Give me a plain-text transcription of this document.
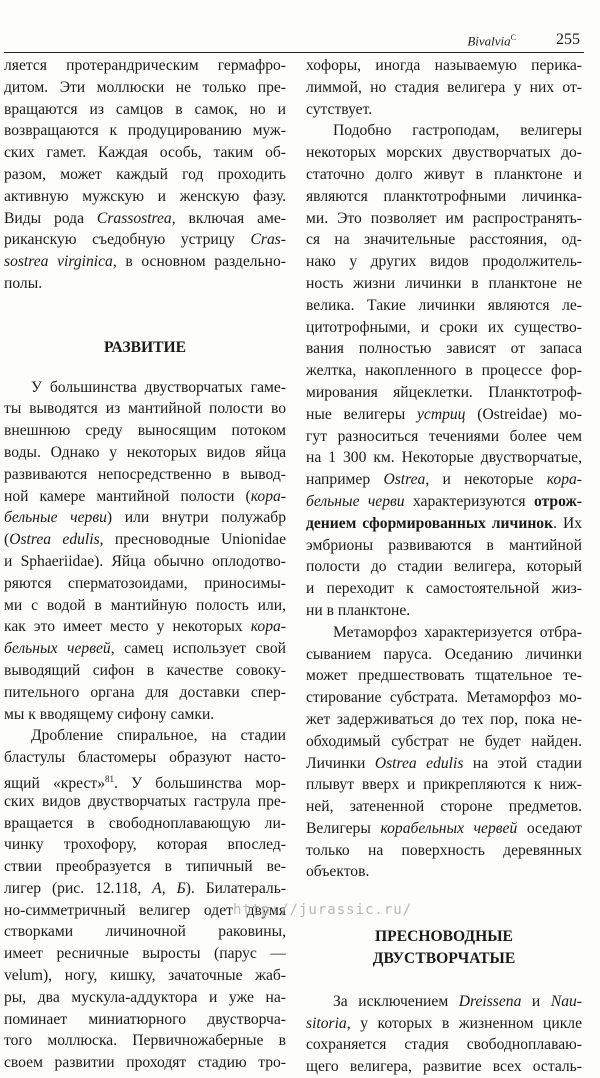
Bivalvia$^C$	255
ляется протерандрическим гермафро-
дитом. Эти моллюски не только пре-
вращаются из самцов в самок, но и
возвращаются к продуцированию муж-
ских гамет. Каждая особь, таким об-
разом, может каждый год проходить
активную мужскую и женскую фазу.
Виды рода Crassostrea, включая аме-
риканскую съедобную устрицу Cras-
sostrea virginica, в основном раздельно-
полы.
РАЗВИТИЕ
У большинства двустворчатых гаме-
ты выводятся из мантийной полости во
внешнюю среду выносящим потоком
воды. Однако у некоторых видов яйца
развиваются непосредственно в вывод-
ной камере мантийной полости (кора-
бельные черви) или внутри полужабр
(Ostrea edulis, пресноводные Unionidae
и Sphaeriidae). Яйца обычно оплодотво-
ряются сперматозоидами, приносимы-
ми с водой в мантийную полость или,
как это имеет место у некоторых кора-
бельных червей, самец использует свой
выводящий сифон в качестве совоку-
пительного органа для доставки спер-
мы к вводящему сифону самки.
Дробление спиральное, на стадии
бластулы бластомеры образуют насто-
ящий «крест»$^{81}$. У большинства мор-
ских видов двустворчатых гаструла пре-
вращается в свободноплавающую ли-
чинку трохофору, которая впослед-
ствии преобразуется в типичный ве-
лигер (рис. 12.118, А, Б). Билатераль-
но-симметричный велигер одет двумя
створками личиночной раковины,
имеет ресничные выросты (парус —
velum), ногу, кишку, зачаточные жаб-
ры, два мускула-аддуктора и уже на-
поминает миниатюрного двустворча-
того моллюска. Первичножаберные в
своем развитии проходят стадию тро-
хофоры, иногда называемую перика-
лиммой, но стадия велигера у них от-
сутствует.
Подобно гастроподам, велигеры
некоторых морских двустворчатых до-
статочно долго живут в планктоне и
являются планктотрофными личинка-
ми. Это позволяет им распространять-
ся на значительные расстояния, од-
нако у других видов продолжитель-
ность жизни личинки в планктоне не
велика. Такие личинки являются ле-
цитотрофными, и сроки их существо-
вания полностью зависят от запаса
желтка, накопленного в процессе фор-
мирования яйцеклетки. Планктотроф-
ные велигеры устриц (Ostreidae) мо-
гут разноситься течениями более чем
на 1 300 км. Некоторые двустворчатые,
например Ostrea, и некоторые кора-
бельные черви характеризуются отрож-
дением сформированных личинок. Их
эмбрионы развиваются в мантийной
полости до стадии велигера, который
и переходит к самостоятельной жиз-
ни в планктоне.
Метаморфоз характеризуется отбра-
сыванием паруса. Оседанию личинки
может предшествовать тщательное те-
стирование субстрата. Метаморфоз мо-
жет задерживаться до тех пор, пока не-
обходимый субстрат не будет найден.
Личинки Ostrea edulis на этой стадии
плывут вверх и прикрепляются к ниж-
ней, затененной стороне предметов.
Велигеры корабельных червей оседают
только на поверхность деревянных
объектов.
ПРЕСНОВОДНЫЕ
ДВУСТВОРЧАТЫЕ
За исключением Dreissena и Nau-
sitoria, у которых в жизненном цикле
сохраняется стадия свободноплаваю-
щего велигера, развитие всех осталь-
http://jurassic.ru/
